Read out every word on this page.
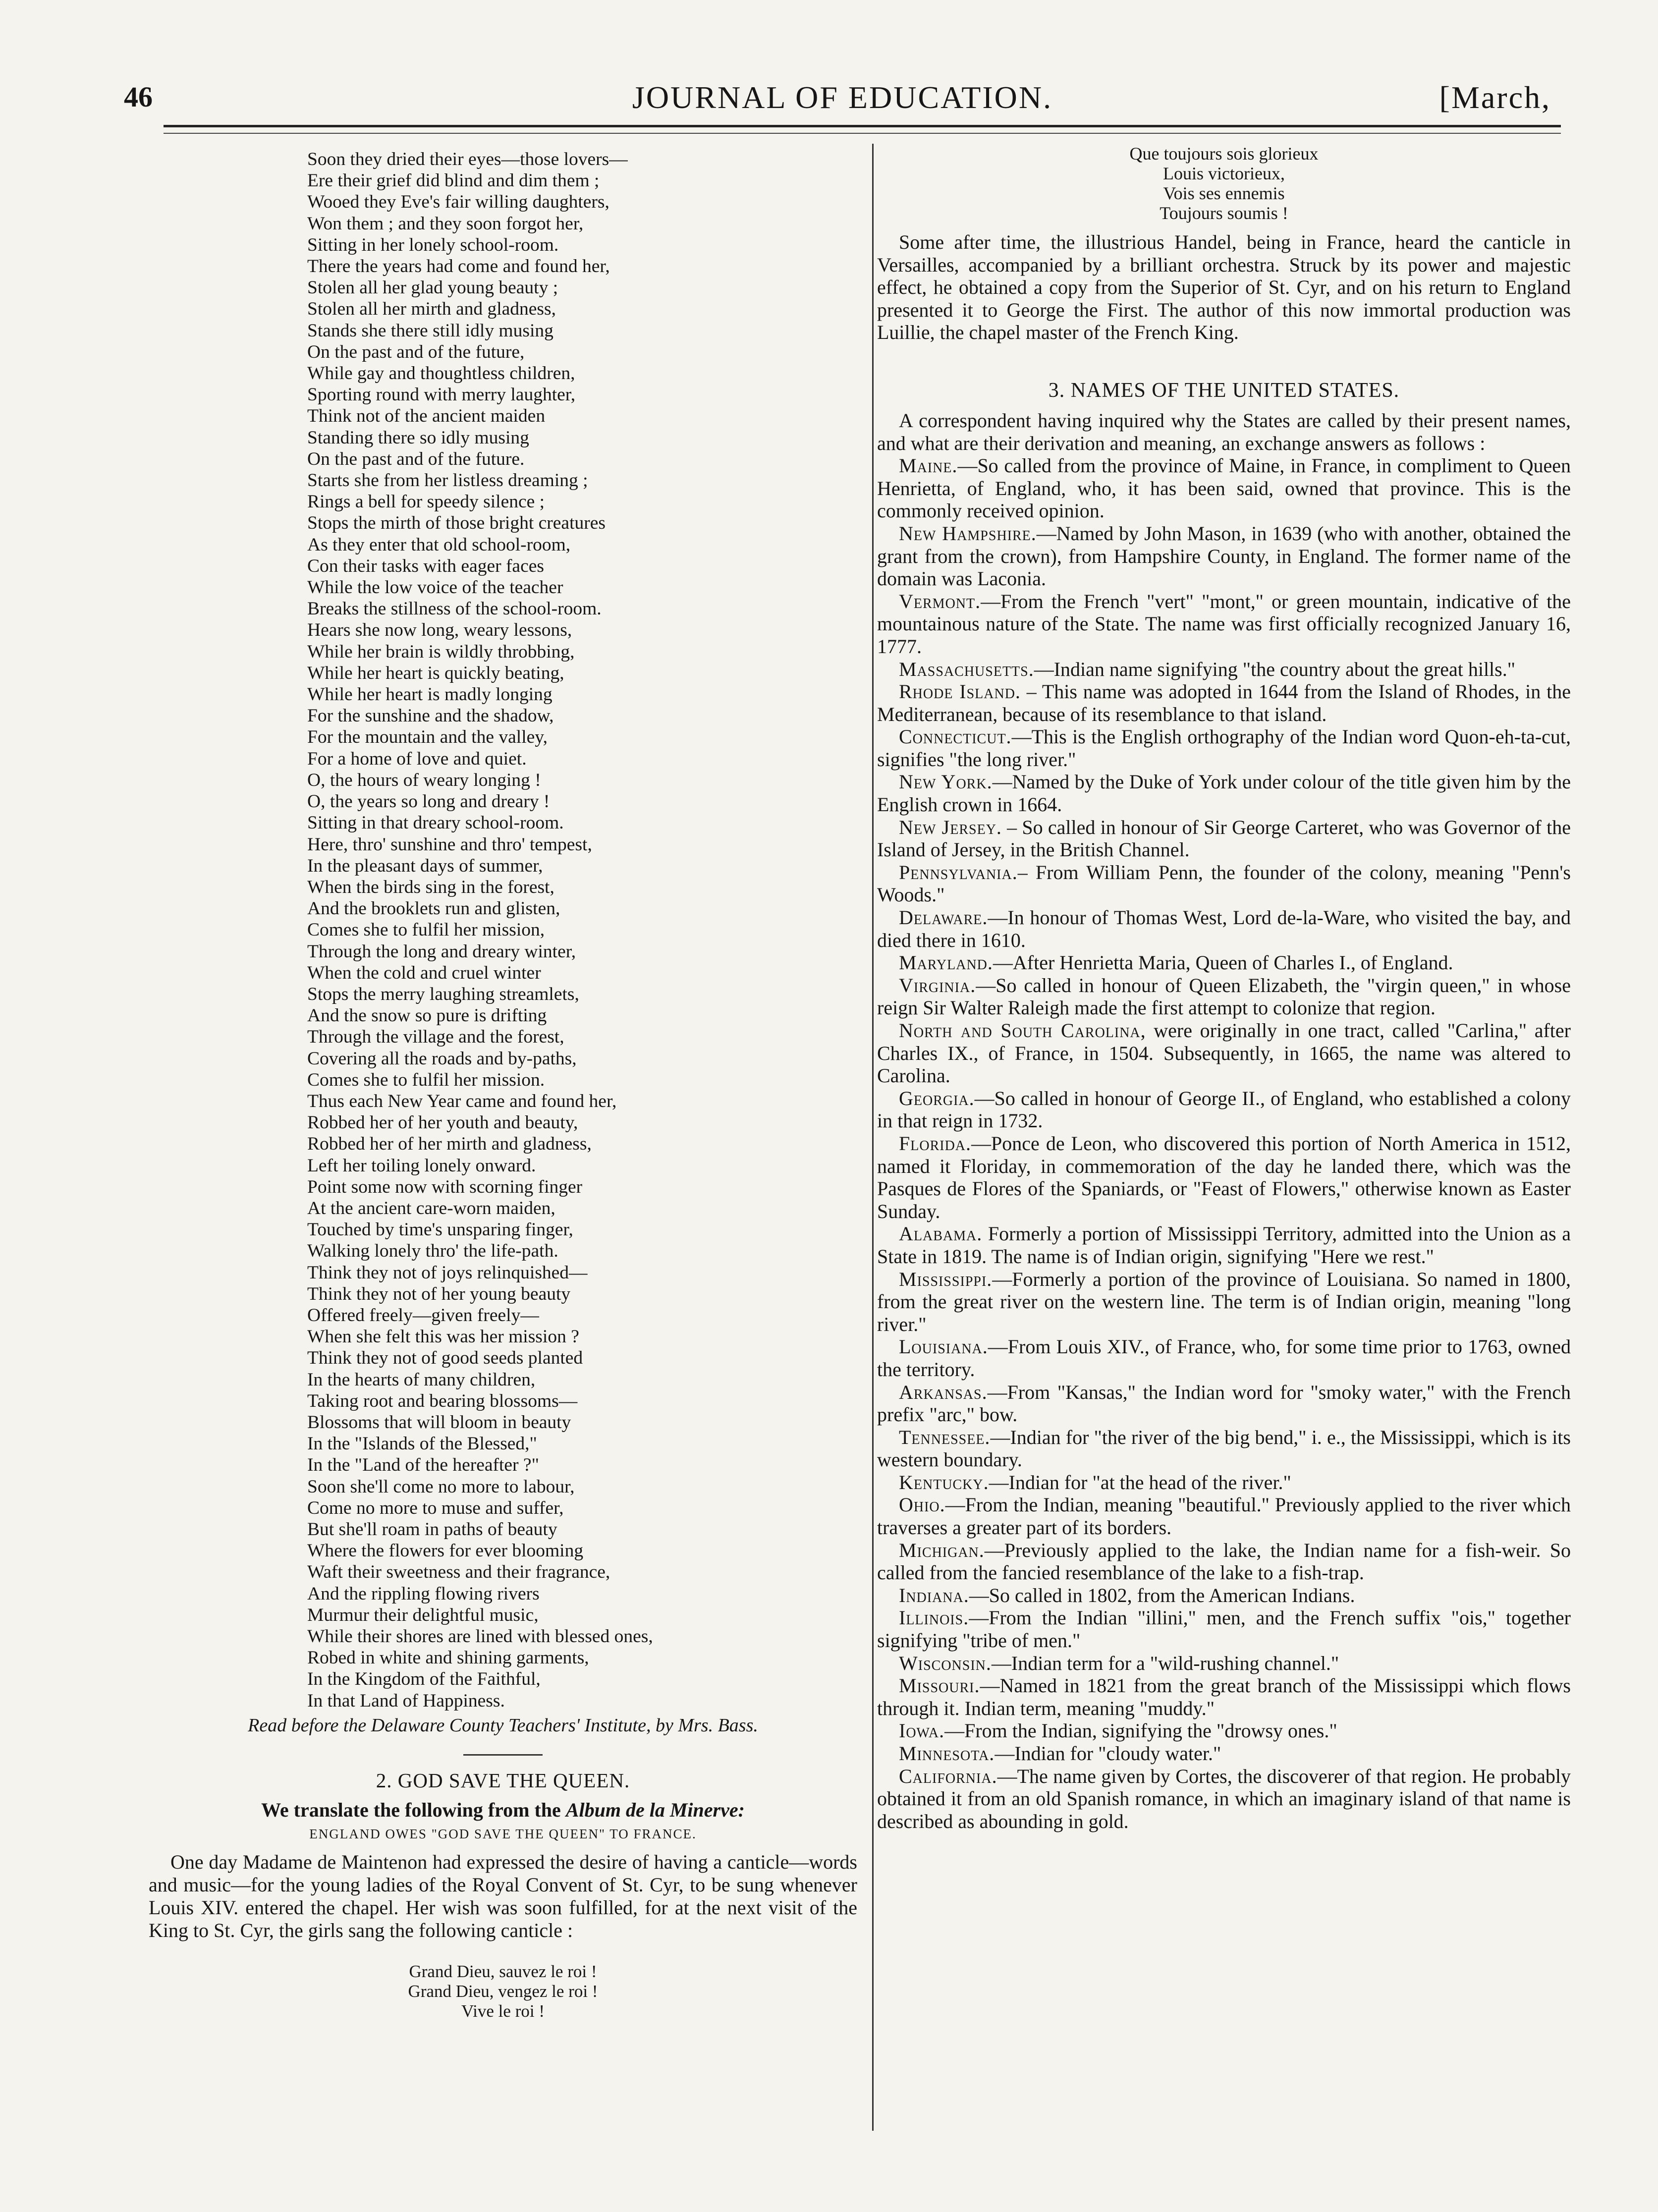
46	JOURNAL OF EDUCATION.	[March,
Soon they dried their eyes—those lovers—
Ere their grief did blind and dim them ;
Wooed they Eve's fair willing daughters,
Won them ; and they soon forgot her,
Sitting in her lonely school-room.
There the years had come and found her,
Stolen all her glad young beauty ;
Stolen all her mirth and gladness,
Stands she there still idly musing
On the past and of the future,
While gay and thoughtless children,
Sporting round with merry laughter,
Think not of the ancient maiden
Standing there so idly musing
On the past and of the future.
Starts she from her listless dreaming ;
Rings a bell for speedy silence ;
Stops the mirth of those bright creatures
As they enter that old school-room,
Con their tasks with eager faces
While the low voice of the teacher
Breaks the stillness of the school-room.
Hears she now long, weary lessons,
While her brain is wildly throbbing,
While her heart is quickly beating,
While her heart is madly longing
For the sunshine and the shadow,
For the mountain and the valley,
For a home of love and quiet.
O, the hours of weary longing !
O, the years so long and dreary !
Sitting in that dreary school-room.
Here, thro' sunshine and thro' tempest,
In the pleasant days of summer,
When the birds sing in the forest,
And the brooklets run and glisten,
Comes she to fulfil her mission,
Through the long and dreary winter,
When the cold and cruel winter
Stops the merry laughing streamlets,
And the snow so pure is drifting
Through the village and the forest,
Covering all the roads and by-paths,
Comes she to fulfil her mission.
Thus each New Year came and found her,
Robbed her of her youth and beauty,
Robbed her of her mirth and gladness,
Left her toiling lonely onward.
Point some now with scorning finger
At the ancient care-worn maiden,
Touched by time's unsparing finger,
Walking lonely thro' the life-path.
Think they not of joys relinquished—
Think they not of her young beauty
Offered freely—given freely—
When she felt this was her mission ?
Think they not of good seeds planted
In the hearts of many children,
Taking root and bearing blossoms—
Blossoms that will bloom in beauty
In the "Islands of the Blessed,"
In the "Land of the hereafter ?"
Soon she'll come no more to labour,
Come no more to muse and suffer,
But she'll roam in paths of beauty
Where the flowers for ever blooming
Waft their sweetness and their fragrance,
And the rippling flowing rivers
Murmur their delightful music,
While their shores are lined with blessed ones,
Robed in white and shining garments,
In the Kingdom of the Faithful,
In that Land of Happiness.
Read before the Delaware County Teachers' Institute, by Mrs. Bass.
2. GOD SAVE THE QUEEN.
We translate the following from the Album de la Minerve:
ENGLAND OWES "GOD SAVE THE QUEEN" TO FRANCE.
One day Madame de Maintenon had expressed the desire of having a canticle—words and music—for the young ladies of the Royal Convent of St. Cyr, to be sung whenever Louis XIV. entered the chapel. Her wish was soon fulfilled, for at the next visit of the King to St. Cyr, the girls sang the following canticle :
Grand Dieu, sauvez le roi !
Grand Dieu, vengez le roi !
Vive le roi !
Que toujours sois glorieux
Louis victorieux,
Vois ses ennemis
Toujours soumis !
Some after time, the illustrious Handel, being in France, heard the canticle in Versailles, accompanied by a brilliant orchestra. Struck by its power and majestic effect, he obtained a copy from the Superior of St. Cyr, and on his return to England presented it to George the First. The author of this now immortal production was Luillie, the chapel master of the French King.
3. NAMES OF THE UNITED STATES.
A correspondent having inquired why the States are called by their present names, and what are their derivation and meaning, an exchange answers as follows :
Maine.—So called from the province of Maine, in France, in compliment to Queen Henrietta, of England, who, it has been said, owned that province. This is the commonly received opinion.
New Hampshire.—Named by John Mason, in 1639 (who with another, obtained the grant from the crown), from Hampshire County, in England. The former name of the domain was Laconia.
Vermont.—From the French "vert" "mont," or green mountain, indicative of the mountainous nature of the State. The name was first officially recognized January 16, 1777.
Massachusetts.—Indian name signifying "the country about the great hills."
Rhode Island. – This name was adopted in 1644 from the Island of Rhodes, in the Mediterranean, because of its resemblance to that island.
Connecticut.—This is the English orthography of the Indian word Quon-eh-ta-cut, signifies "the long river."
New York.—Named by the Duke of York under colour of the title given him by the English crown in 1664.
New Jersey. – So called in honour of Sir George Carteret, who was Governor of the Island of Jersey, in the British Channel.
Pennsylvania.– From William Penn, the founder of the colony, meaning "Penn's Woods."
Delaware.—In honour of Thomas West, Lord de-la-Ware, who visited the bay, and died there in 1610.
Maryland.—After Henrietta Maria, Queen of Charles I., of England.
Virginia.—So called in honour of Queen Elizabeth, the "virgin queen," in whose reign Sir Walter Raleigh made the first attempt to colonize that region.
North and South Carolina, were originally in one tract, called "Carlina," after Charles IX., of France, in 1504. Subsequently, in 1665, the name was altered to Carolina.
Georgia.—So called in honour of George II., of England, who established a colony in that reign in 1732.
Florida.—Ponce de Leon, who discovered this portion of North America in 1512, named it Floriday, in commemoration of the day he landed there, which was the Pasques de Flores of the Spaniards, or "Feast of Flowers," otherwise known as Easter Sunday.
Alabama. Formerly a portion of Mississippi Territory, admitted into the Union as a State in 1819. The name is of Indian origin, signifying "Here we rest."
Mississippi.—Formerly a portion of the province of Louisiana. So named in 1800, from the great river on the western line. The term is of Indian origin, meaning "long river."
Louisiana.—From Louis XIV., of France, who, for some time prior to 1763, owned the territory.
Arkansas.—From "Kansas," the Indian word for "smoky water," with the French prefix "arc," bow.
Tennessee.—Indian for "the river of the big bend," i. e., the Mississippi, which is its western boundary.
Kentucky.—Indian for "at the head of the river."
Ohio.—From the Indian, meaning "beautiful." Previously applied to the river which traverses a greater part of its borders.
Michigan.—Previously applied to the lake, the Indian name for a fish-weir. So called from the fancied resemblance of the lake to a fish-trap.
Indiana.—So called in 1802, from the American Indians.
Illinois.—From the Indian "illini," men, and the French suffix "ois," together signifying "tribe of men."
Wisconsin.—Indian term for a "wild-rushing channel."
Missouri.—Named in 1821 from the great branch of the Mississippi which flows through it. Indian term, meaning "muddy."
Iowa.—From the Indian, signifying the "drowsy ones."
Minnesota.—Indian for "cloudy water."
California.—The name given by Cortes, the discoverer of that region. He probably obtained it from an old Spanish romance, in which an imaginary island of that name is described as abounding in gold.
